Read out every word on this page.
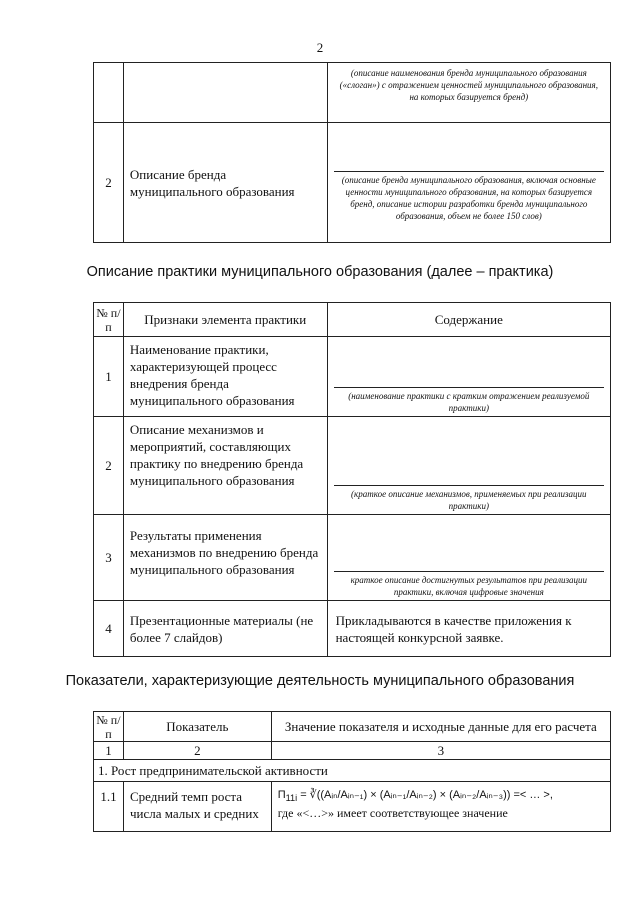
2

		(описание наименования бренда муниципального образования («слоган») с отражением ценностей муниципального образования, на которых базируется бренд)

2	Описание бренда муниципального образования	(описание бренда муниципального образования, включая основные ценности муниципального образования, на которых базируется бренд, описание истории разработки бренда муниципального образования, объем не более 150 слов)
Описание практики муниципального образования (далее – практика)
№ п/п	Признаки элемента практики	Содержание
1	Наименование практики, характеризующей процесс внедрения бренда муниципального образования	(наименование практики с кратким отражением реализуемой практики)

2	Описание механизмов и мероприятий, составляющих практику по внедрению бренда муниципального образования	(краткое описание механизмов, применяемых при реализации практики)

3	Результаты применения механизмов по внедрению бренда муниципального образования	краткое описание достигнутых результатов при реализации практики, включая цифровые значения

4	Презентационные материалы (не более 7 слайдов)	Прикладываются в качестве приложения к настоящей конкурсной заявке.
Показатели, характеризующие деятельность муниципального образования
№ п/п	Показатель	Значение показателя и исходные данные для его расчета
1	2	3
1. Рост предпринимательской активности		
1.1	Средний темп роста числа малых и средних	$П_{11i}$ = ∛((Aᵢₙ/Aᵢₙ₋₁) × (Aᵢₙ₋₁/Aᵢₙ₋₂) × (Aᵢₙ₋₂/Aᵢₙ₋₃)) =< … >,
где «<…>» имеет соответствующее значение
